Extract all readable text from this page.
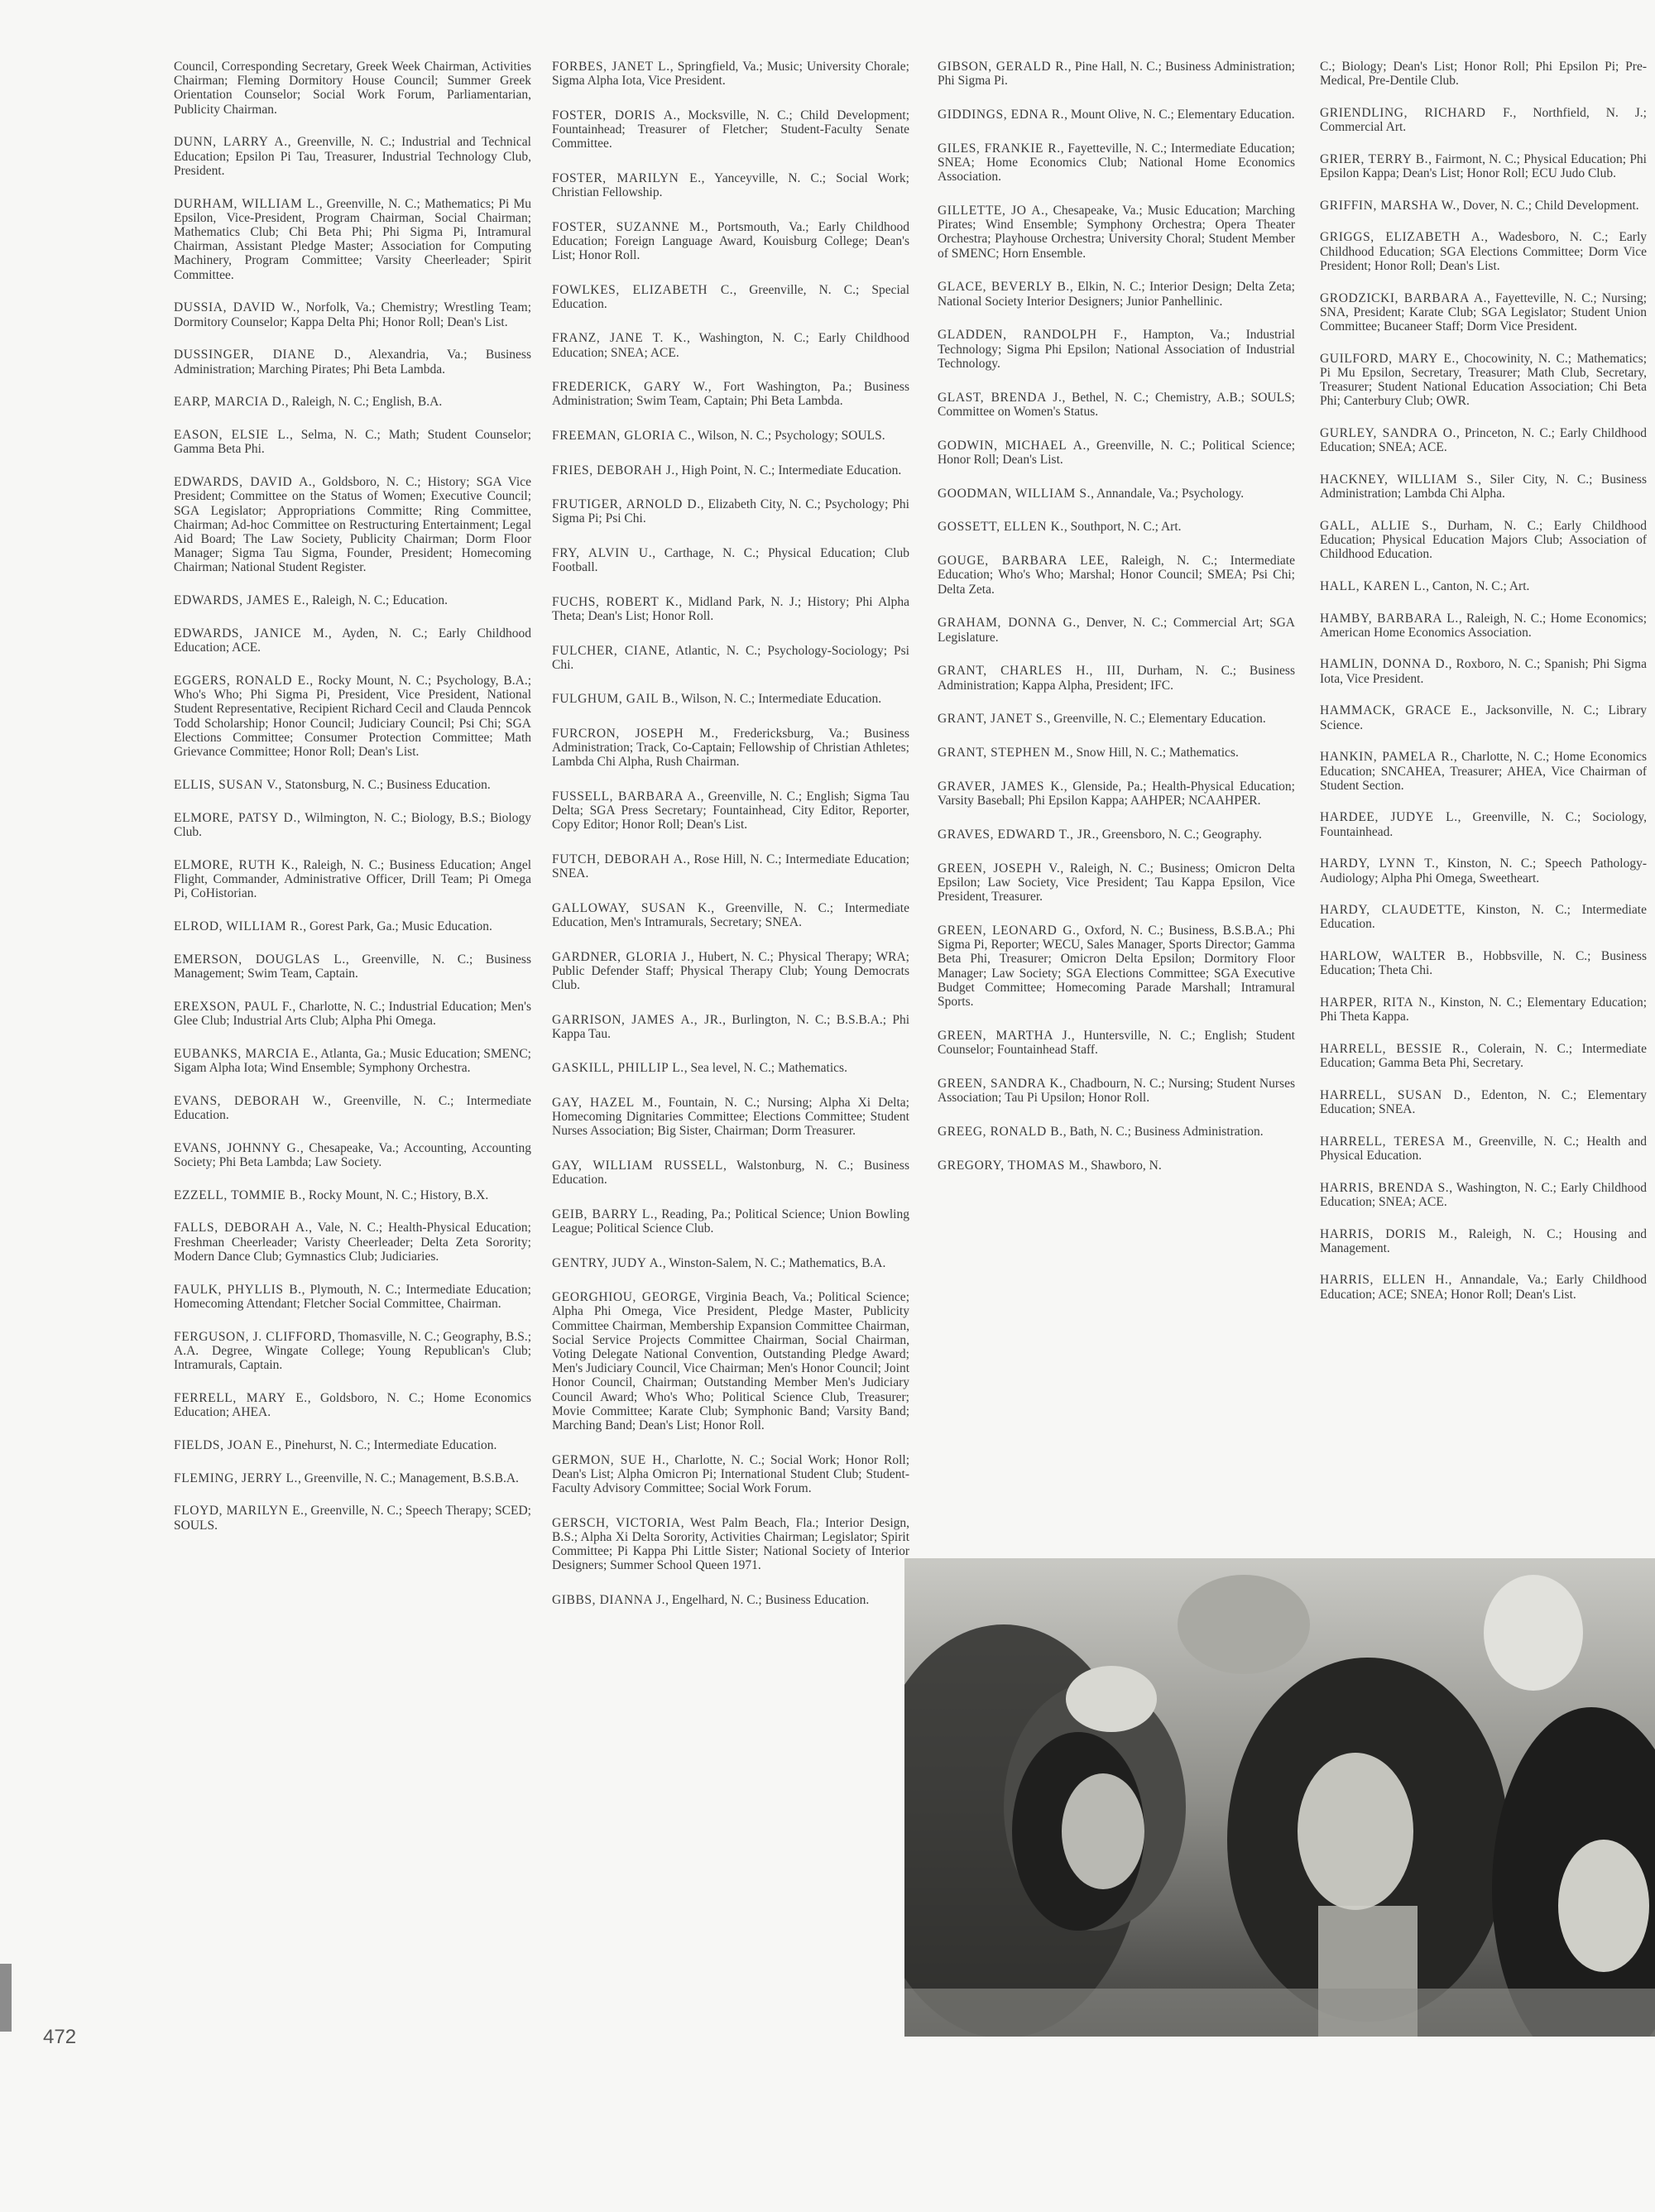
Council, Corresponding Secretary, Greek Week Chairman, Activities Chairman; Fleming Dormitory House Council; Summer Greek Orientation Counselor; Social Work Forum, Parliamentarian, Publicity Chairman.

DUNN, LARRY A., Greenville, N. C.; Industrial and Technical Education; Epsilon Pi Tau, Treasurer, Industrial Technology Club, President.

DURHAM, WILLIAM L., Greenville, N. C.; Mathematics; Pi Mu Epsilon, Vice-President, Program Chairman, Social Chairman; Mathematics Club; Chi Beta Phi; Phi Sigma Pi, Intramural Chairman, Assistant Pledge Master; Association for Computing Machinery, Program Committee; Varsity Cheerleader; Spirit Committee.

DUSSIA, DAVID W., Norfolk, Va.; Chemistry; Wrestling Team; Dormitory Counselor; Kappa Delta Phi; Honor Roll; Dean's List.

DUSSINGER, DIANE D., Alexandria, Va.; Business Administration; Marching Pirates; Phi Beta Lambda.

EARP, MARCIA D., Raleigh, N. C.; English, B.A.

EASON, ELSIE L., Selma, N. C.; Math; Student Counselor; Gamma Beta Phi.

EDWARDS, DAVID A., Goldsboro, N. C.; History; SGA Vice President; Committee on the Status of Women; Executive Council; SGA Legislator; Appropriations Committe; Ring Committee, Chairman; Ad-hoc Committee on Restructuring Entertainment; Legal Aid Board; The Law Society, Publicity Chairman; Dorm Floor Manager; Sigma Tau Sigma, Founder, President; Homecoming Chairman; National Student Register.

EDWARDS, JAMES E., Raleigh, N. C.; Education.

EDWARDS, JANICE M., Ayden, N. C.; Early Childhood Education; ACE.

EGGERS, RONALD E., Rocky Mount, N. C.; Psychology, B.A.; Who's Who; Phi Sigma Pi, President, Vice President, National Student Representative, Recipient Richard Cecil and Clauda Penncok Todd Scholarship; Honor Council; Judiciary Council; Psi Chi; SGA Elections Committee; Consumer Protection Committee; Math Grievance Committee; Honor Roll; Dean's List.

ELLIS, SUSAN V., Statonsburg, N. C.; Business Education.

ELMORE, PATSY D., Wilmington, N. C.; Biology, B.S.; Biology Club.

ELMORE, RUTH K., Raleigh, N. C.; Business Education; Angel Flight, Commander, Administrative Officer, Drill Team; Pi Omega Pi, CoHistorian.

ELROD, WILLIAM R., Gorest Park, Ga.; Music Education.

EMERSON, DOUGLAS L., Greenville, N. C.; Business Management; Swim Team, Captain.

EREXSON, PAUL F., Charlotte, N. C.; Industrial Education; Men's Glee Club; Industrial Arts Club; Alpha Phi Omega.

EUBANKS, MARCIA E., Atlanta, Ga.; Music Education; SMENC; Sigam Alpha Iota; Wind Ensemble; Symphony Orchestra.

EVANS, DEBORAH W., Greenville, N. C.; Intermediate Education.

EVANS, JOHNNY G., Chesapeake, Va.; Accounting, Accounting Society; Phi Beta Lambda; Law Society.

EZZELL, TOMMIE B., Rocky Mount, N. C.; History, B.X.

FALLS, DEBORAH A., Vale, N. C.; Health-Physical Education; Freshman Cheerleader; Varisty Cheerleader; Delta Zeta Sorority; Modern Dance Club; Gymnastics Club; Judiciaries.

FAULK, PHYLLIS B., Plymouth, N. C.; Intermediate Education; Homecoming Attendant; Fletcher Social Committee, Chairman.

FERGUSON, J. CLIFFORD, Thomasville, N. C.; Geography, B.S.; A.A. Degree, Wingate College; Young Republican's Club; Intramurals, Captain.

FERRELL, MARY E., Goldsboro, N. C.; Home Economics Education; AHEA.

FIELDS, JOAN E., Pinehurst, N. C.; Intermediate Education.

FLEMING, JERRY L., Greenville, N. C.; Management, B.S.B.A.

FLOYD, MARILYN E., Greenville, N. C.; Speech Therapy; SCED; SOULS.

FORBES, JANET L., Springfield, Va.; Music; University Chorale; Sigma Alpha Iota, Vice President.

FOSTER, DORIS A., Mocksville, N. C.; Child Development; Fountainhead; Treasurer of Fletcher; Student-Faculty Senate Committee.

FOSTER, MARILYN E., Yanceyville, N. C.; Social Work; Christian Fellowship.

FOSTER, SUZANNE M., Portsmouth, Va.; Early Childhood Education; Foreign Language Award, Kouisburg College; Dean's List; Honor Roll.

FOWLKES, ELIZABETH C., Greenville, N. C.; Special Education.

FRANZ, JANE T. K., Washington, N. C.; Early Childhood Education; SNEA; ACE.

FREDERICK, GARY W., Fort Washington, Pa.; Business Administration; Swim Team, Captain; Phi Beta Lambda.

FREEMAN, GLORIA C., Wilson, N. C.; Psychology; SOULS.

FRIES, DEBORAH J., High Point, N. C.; Intermediate Education.

FRUTIGER, ARNOLD D., Elizabeth City, N. C.; Psychology; Phi Sigma Pi; Psi Chi.

FRY, ALVIN U., Carthage, N. C.; Physical Education; Club Football.

FUCHS, ROBERT K., Midland Park, N. J.; History; Phi Alpha Theta; Dean's List; Honor Roll.

FULCHER, CIANE, Atlantic, N. C.; Psychology-Sociology; Psi Chi.

FULGHUM, GAIL B., Wilson, N. C.; Intermediate Education.

FURCRON, JOSEPH M., Fredericksburg, Va.; Business Administration; Track, Co-Captain; Fellowship of Christian Athletes; Lambda Chi Alpha, Rush Chairman.

FUSSELL, BARBARA A., Greenville, N. C.; English; Sigma Tau Delta; SGA Press Secretary; Fountainhead, City Editor, Reporter, Copy Editor; Honor Roll; Dean's List.

FUTCH, DEBORAH A., Rose Hill, N. C.; Intermediate Education; SNEA.

GALLOWAY, SUSAN K., Greenville, N. C.; Intermediate Education, Men's Intramurals, Secretary; SNEA.

GARDNER, GLORIA J., Hubert, N. C.; Physical Therapy; WRA; Public Defender Staff; Physical Therapy Club; Young Democrats Club.

GARRISON, JAMES A., JR., Burlington, N. C.; B.S.B.A.; Phi Kappa Tau.

GASKILL, PHILLIP L., Sea level, N. C.; Mathematics.

GAY, HAZEL M., Fountain, N. C.; Nursing; Alpha Xi Delta; Homecoming Dignitaries Committee; Elections Committee; Student Nurses Association; Big Sister, Chairman; Dorm Treasurer.

GAY, WILLIAM RUSSELL, Walstonburg, N. C.; Business Education.

GEIB, BARRY L., Reading, Pa.; Political Science; Union Bowling League; Political Science Club.

GENTRY, JUDY A., Winston-Salem, N. C.; Mathematics, B.A.

GEORGHIOU, GEORGE, Virginia Beach, Va.; Political Science; Alpha Phi Omega, Vice President, Pledge Master, Publicity Committee Chairman, Membership Expansion Committee Chairman, Social Service Projects Committee Chairman, Social Chairman, Voting Delegate National Convention, Outstanding Pledge Award; Men's Judiciary Council, Vice Chairman; Men's Honor Council; Joint Honor Council, Chairman; Outstanding Member Men's Judiciary Council Award; Who's Who; Political Science Club, Treasurer; Movie Committee; Karate Club; Symphonic Band; Varsity Band; Marching Band; Dean's List; Honor Roll.

GERMON, SUE H., Charlotte, N. C.; Social Work; Honor Roll; Dean's List; Alpha Omicron Pi; International Student Club; Student-Faculty Advisory Committee; Social Work Forum.

GERSCH, VICTORIA, West Palm Beach, Fla.; Interior Design, B.S.; Alpha Xi Delta Sorority, Activities Chairman; Legislator; Spirit Committee; Pi Kappa Phi Little Sister; National Society of Interior Designers; Summer School Queen 1971.

GIBBS, DIANNA J., Engelhard, N. C.; Business Education.

GIBSON, GERALD R., Pine Hall, N. C.; Business Administration; Phi Sigma Pi.

GIDDINGS, EDNA R., Mount Olive, N. C.; Elementary Education.

GILES, FRANKIE R., Fayetteville, N. C.; Intermediate Education; SNEA; Home Economics Club; National Home Economics Association.

GILLETTE, JO A., Chesapeake, Va.; Music Education; Marching Pirates; Wind Ensemble; Symphony Orchestra; Opera Theater Orchestra; Playhouse Orchestra; University Choral; Student Member of SMENC; Horn Ensemble.

GLACE, BEVERLY B., Elkin, N. C.; Interior Design; Delta Zeta; National Society Interior Designers; Junior Panhellinic.

GLADDEN, RANDOLPH F., Hampton, Va.; Industrial Technology; Sigma Phi Epsilon; National Association of Industrial Technology.

GLAST, BRENDA J., Bethel, N. C.; Chemistry, A.B.; SOULS; Committee on Women's Status.

GODWIN, MICHAEL A., Greenville, N. C.; Political Science; Honor Roll; Dean's List.

GOODMAN, WILLIAM S., Annandale, Va.; Psychology.

GOSSETT, ELLEN K., Southport, N. C.; Art.

GOUGE, BARBARA LEE, Raleigh, N. C.; Intermediate Education; Who's Who; Marshal; Honor Council; SMEA; Psi Chi; Delta Zeta.

GRAHAM, DONNA G., Denver, N. C.; Commercial Art; SGA Legislature.

GRANT, CHARLES H., III, Durham, N. C.; Business Administration; Kappa Alpha, President; IFC.

GRANT, JANET S., Greenville, N. C.; Elementary Education.

GRANT, STEPHEN M., Snow Hill, N. C.; Mathematics.

GRAVER, JAMES K., Glenside, Pa.; Health-Physical Education; Varsity Baseball; Phi Epsilon Kappa; AAHPER; NCAAHPER.

GRAVES, EDWARD T., JR., Greensboro, N. C.; Geography.

GREEN, JOSEPH V., Raleigh, N. C.; Business; Omicron Delta Epsilon; Law Society, Vice President; Tau Kappa Epsilon, Vice President, Treasurer.

GREEN, LEONARD G., Oxford, N. C.; Business, B.S.B.A.; Phi Sigma Pi, Reporter; WECU, Sales Manager, Sports Director; Gamma Beta Phi, Treasurer; Omicron Delta Epsilon; Dormitory Floor Manager; Law Society; SGA Elections Committee; SGA Executive Budget Committee; Homecoming Parade Marshall; Intramural Sports.

GREEN, MARTHA J., Huntersville, N. C.; English; Student Counselor; Fountainhead Staff.

GREEN, SANDRA K., Chadbourn, N. C.; Nursing; Student Nurses Association; Tau Pi Upsilon; Honor Roll.

GREEG, RONALD B., Bath, N. C.; Business Administration.

GREGORY, THOMAS M., Shawboro, N.

C.; Biology; Dean's List; Honor Roll; Phi Epsilon Pi; Pre-Medical, Pre-Dentile Club.

GRIENDLING, RICHARD F., Northfield, N. J.; Commercial Art.

GRIER, TERRY B., Fairmont, N. C.; Physical Education; Phi Epsilon Kappa; Dean's List; Honor Roll; ECU Judo Club.

GRIFFIN, MARSHA W., Dover, N. C.; Child Development.

GRIGGS, ELIZABETH A., Wadesboro, N. C.; Early Childhood Education; SGA Elections Committee; Dorm Vice President; Honor Roll; Dean's List.

GRODZICKI, BARBARA A., Fayetteville, N. C.; Nursing; SNA, President; Karate Club; SGA Legislator; Student Union Committee; Bucaneer Staff; Dorm Vice President.

GUILFORD, MARY E., Chocowinity, N. C.; Mathematics; Pi Mu Epsilon, Secretary, Treasurer; Math Club, Secretary, Treasurer; Student National Education Association; Chi Beta Phi; Canterbury Club; OWR.

GURLEY, SANDRA O., Princeton, N. C.; Early Childhood Education; SNEA; ACE.

HACKNEY, WILLIAM S., Siler City, N. C.; Business Administration; Lambda Chi Alpha.

GALL, ALLIE S., Durham, N. C.; Early Childhood Education; Physical Education Majors Club; Association of Childhood Education.

HALL, KAREN L., Canton, N. C.; Art.

HAMBY, BARBARA L., Raleigh, N. C.; Home Economics; American Home Economics Association.

HAMLIN, DONNA D., Roxboro, N. C.; Spanish; Phi Sigma Iota, Vice President.

HAMMACK, GRACE E., Jacksonville, N. C.; Library Science.

HANKIN, PAMELA R., Charlotte, N. C.; Home Economics Education; SNCAHEA, Treasurer; AHEA, Vice Chairman of Student Section.

HARDEE, JUDYE L., Greenville, N. C.; Sociology, Fountainhead.

HARDY, LYNN T., Kinston, N. C.; Speech Pathology-Audiology; Alpha Phi Omega, Sweetheart.

HARDY, CLAUDETTE, Kinston, N. C.; Intermediate Education.

HARLOW, WALTER B., Hobbsville, N. C.; Business Education; Theta Chi.

HARPER, RITA N., Kinston, N. C.; Elementary Education; Phi Theta Kappa.

HARRELL, BESSIE R., Colerain, N. C.; Intermediate Education; Gamma Beta Phi, Secretary.

HARRELL, SUSAN D., Edenton, N. C.; Elementary Education; SNEA.

HARRELL, TERESA M., Greenville, N. C.; Health and Physical Education.

HARRIS, BRENDA S., Washington, N. C.; Early Childhood Education; SNEA; ACE.

HARRIS, DORIS M., Raleigh, N. C.; Housing and Management.

HARRIS, ELLEN H., Annandale, Va.; Early Childhood Education; ACE; SNEA; Honor Roll; Dean's List.

472
